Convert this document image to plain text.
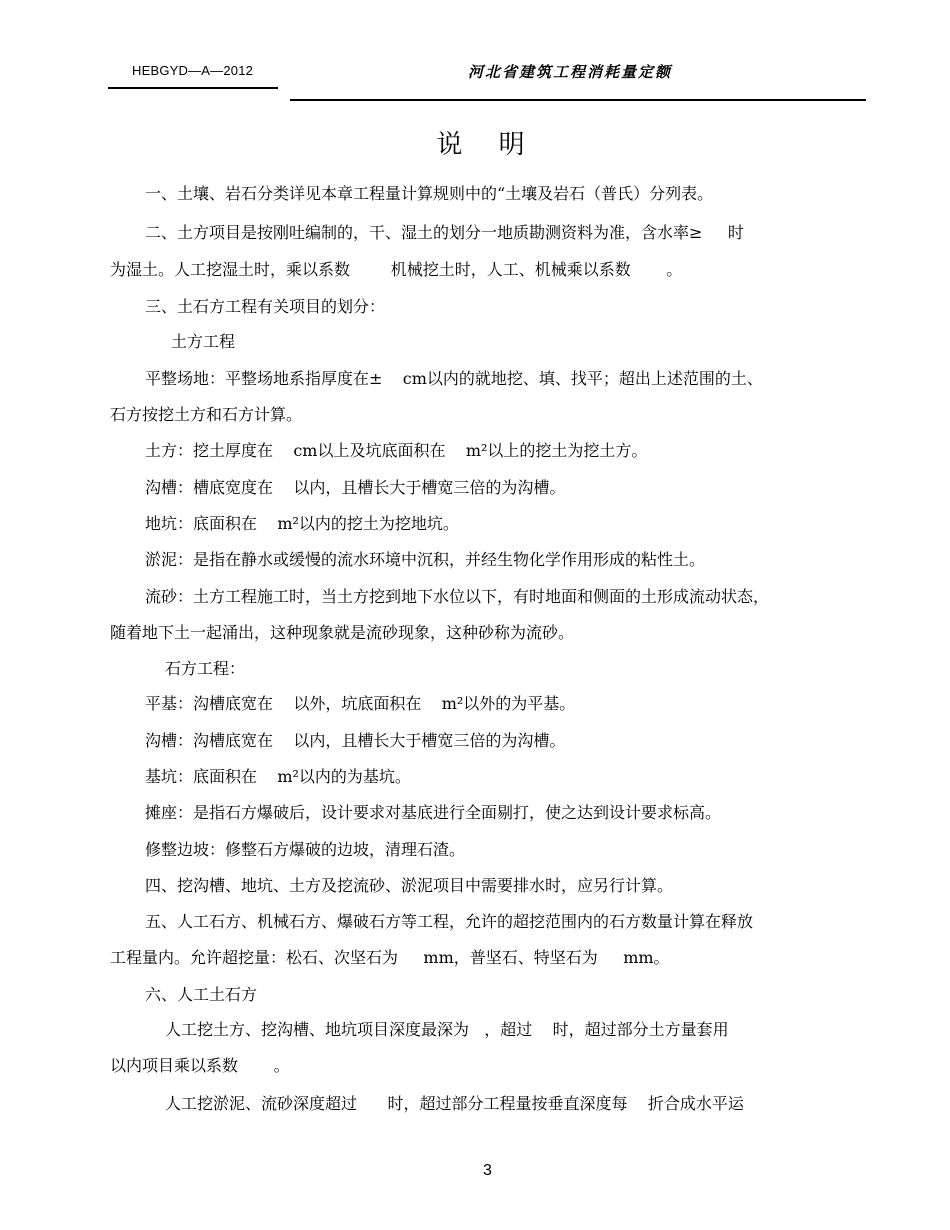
HEBGYD—A—2012	河北省建筑工程消耗量定额
说 明
一、土壤、岩石分类详见本章工程量计算规则中的“土壤及岩石（普氏）分列表。
二、土方项目是按刚吐编制的，干、湿土的划分一地质勘测资料为准，含水率≥     时
为湿土。人工挖湿土时，乘以系数        机械挖土时，人工、机械乘以系数       。
三、土石方工程有关项目的划分：
土方工程
平整场地：平整场地系指厚度在±    cm以内的就地挖、填、找平；超出上述范围的土、
石方按挖土方和石方计算。
土方：挖土厚度在    cm以上及坑底面积在    m²以上的挖土为挖土方。
沟槽：槽底宽度在    以内，且槽长大于槽宽三倍的为沟槽。
地坑：底面积在    m²以内的挖土为挖地坑。
淤泥：是指在静水或缓慢的流水环境中沉积，并经生物化学作用形成的粘性土。
流砂：土方工程施工时，当土方挖到地下水位以下，有时地面和侧面的土形成流动状态，
随着地下土一起涌出，这种现象就是流砂现象，这种砂称为流砂。
石方工程：
平基：沟槽底宽在    以外，坑底面积在    m²以外的为平基。
沟槽：沟槽底宽在    以内，且槽长大于槽宽三倍的为沟槽。
基坑：底面积在    m²以内的为基坑。
摊座：是指石方爆破后，设计要求对基底进行全面剔打，使之达到设计要求标高。
修整边坡：修整石方爆破的边坡，清理石渣。
四、挖沟槽、地坑、土方及挖流砂、淤泥项目中需要排水时，应另行计算。
五、人工石方、机械石方、爆破石方等工程，允许的超挖范围内的石方数量计算在释放
工程量内。允许超挖量：松石、次坚石为     mm，普坚石、特坚石为     mm。
六、人工土石方
人工挖土方、挖沟槽、地坑项目深度最深为   ，超过    时，超过部分土方量套用
以内项目乘以系数       。
人工挖淤泥、流砂深度超过      时，超过部分工程量按垂直深度每    折合成水平运
3
